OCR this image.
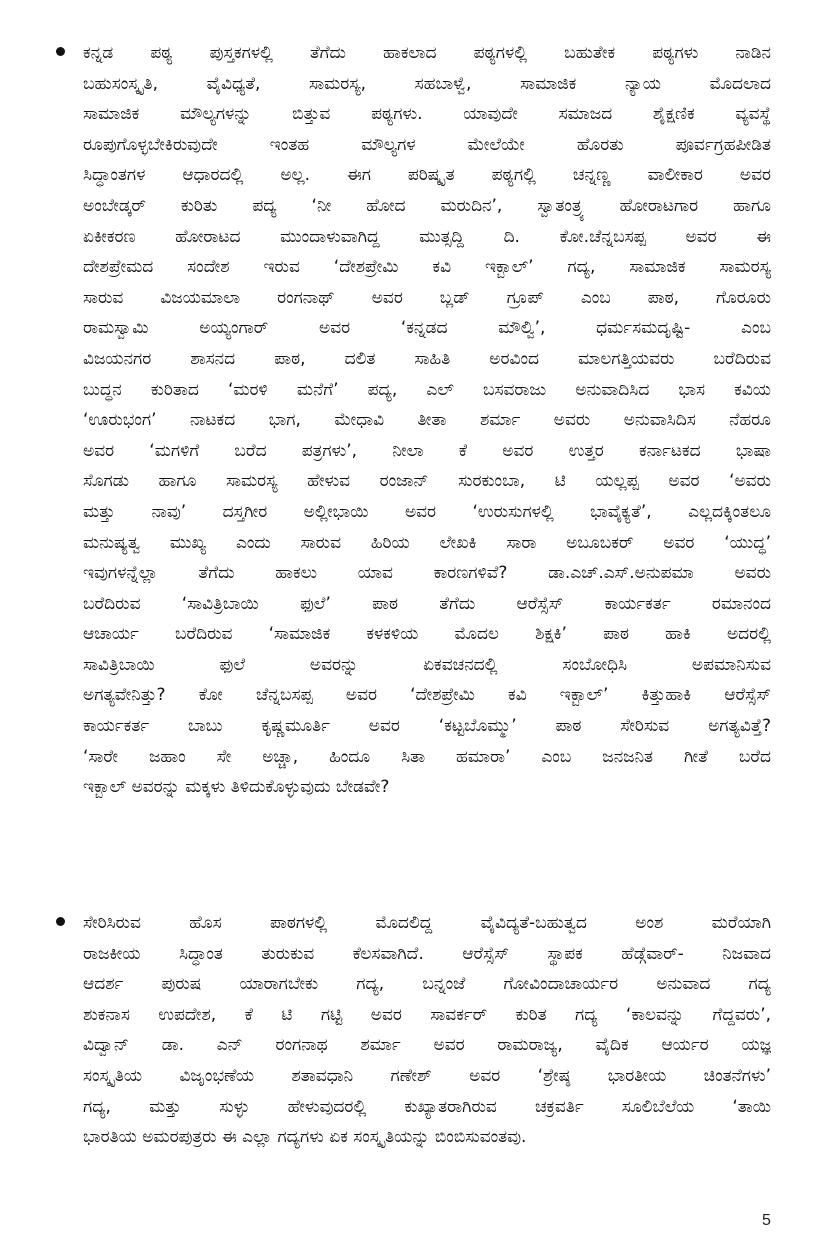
ಕನ್ನಡ ಪಠ್ಯ ಪುಸ್ತಕಗಳಲ್ಲಿ ತೆಗೆದು ಹಾಕಲಾದ ಪಠ್ಯಗಳಲ್ಲಿ ಬಹುತೇಕ ಪಠ್ಯಗಳು ನಾಡಿನ
ಬಹುಸಂಸ್ಕೃತಿ, ವೈವಿಧ್ಯತೆ, ಸಾಮರಸ್ಯ, ಸಹಬಾಳ್ವೆ, ಸಾಮಾಜಿಕ ನ್ಯಾಯ ಮೊದಲಾದ
ಸಾಮಾಜಿಕ ಮೌಲ್ಯಗಳನ್ನು ಬಿತ್ತುವ ಪಠ್ಯಗಳು. ಯಾವುದೇ ಸಮಾಜದ ಶೈಕ್ಷಣಿಕ ವ್ಯವಸ್ಥೆ
ರೂಪುಗೊಳ್ಳಬೇಕಿರುವುದೇ ಇಂತಹ ಮೌಲ್ಯಗಳ ಮೇಲೆಯೇ ಹೊರತು ಪೂರ್ವಗ್ರಹಪೀಡಿತ
ಸಿದ್ಧಾಂತಗಳ ಆಧಾರದಲ್ಲಿ ಅಲ್ಲ. ಈಗ ಪರಿಷ್ಕೃತ ಪಠ್ಯಗಲ್ಲಿ ಚನ್ನಣ್ಣ ವಾಲೀಕಾರ ಅವರ
ಅಂಬೇಡ್ಕರ್ ಕುರಿತು ಪದ್ಯ ‘ನೀ ಹೋದ ಮರುದಿನ’, ಸ್ವಾತಂತ್ರ್ಯ ಹೋರಾಟಗಾರ ಹಾಗೂ
ಏಕೀಕರಣ ಹೋರಾಟದ ಮುಂದಾಳುವಾಗಿದ್ದ ಮುತ್ಸದ್ದಿ ದಿ. ಕೋ.ಚೆನ್ನಬಸಪ್ಪ ಅವರ ಈ
ದೇಶಪ್ರೇಮದ ಸಂದೇಶ ಇರುವ ‘ದೇಶಪ್ರೇಮಿ ಕವಿ ಇಕ್ಬಾಲ್’ ಗದ್ಯ, ಸಾಮಾಜಿಕ ಸಾಮರಸ್ಯ
ಸಾರುವ ವಿಜಯಮಾಲಾ ರಂಗನಾಥ್ ಅವರ ಬ್ಲಡ್ ಗ್ರೂಪ್ ಎಂಬ ಪಾಠ, ಗೊರೂರು
ರಾಮಸ್ವಾಮಿ ಅಯ್ಯಂಗಾರ್ ಅವರ ‘ಕನ್ನಡದ ಮೌಲ್ವಿ’, ಧರ್ಮಸಮದೃಷ್ಟಿ- ಎಂಬ
ವಿಜಯನಗರ ಶಾಸನದ ಪಾಠ, ದಲಿತ ಸಾಹಿತಿ ಅರವಿಂದ ಮಾಲಗತ್ತಿಯವರು ಬರೆದಿರುವ
ಬುದ್ಧನ ಕುರಿತಾದ ‘ಮರಳಿ ಮನೆಗೆ’ ಪದ್ಯ, ಎಲ್ ಬಸವರಾಜು ಅನುವಾದಿಸಿದ ಭಾಸ ಕವಿಯ
‘ಊರುಭಂಗ’ ನಾಟಕದ ಭಾಗ, ಮೇಧಾವಿ ತೀತಾ ಶರ್ಮಾ ಅವರು ಅನುವಾಸಿದಿಸ ನೆಹರೂ
ಅವರ ‘ಮಗಳಿಗೆ ಬರೆದ ಪತ್ರಗಳು’, ನೀಲಾ ಕೆ ಅವರ ಉತ್ತರ ಕರ್ನಾಟಕದ ಭಾಷಾ
ಸೊಗಡು ಹಾಗೂ ಸಾಮರಸ್ಯ ಹೇಳುವ ರಂಜಾನ್ ಸುರಕುಂಬಾ, ಟಿ ಯಲ್ಲಪ್ಪ ಅವರ ‘ಅವರು
ಮತ್ತು ನಾವು’ ದಸ್ತಗೀರ ಅಲ್ಲೀಭಾಯಿ ಅವರ ‘ಉರುಸುಗಳಲ್ಲಿ ಭಾವೈಕ್ಯತೆ’, ಎಲ್ಲದಕ್ಕಿಂತಲೂ
ಮನುಷ್ಯತ್ವ ಮುಖ್ಯ ಎಂದು ಸಾರುವ ಹಿರಿಯ ಲೇಖಕಿ ಸಾರಾ ಅಬೂಬಕರ್ ಅವರ ‘ಯುದ್ಧ’
ಇವುಗಳನ್ನೆಲ್ಲಾ ತೆಗೆದು ಹಾಕಲು ಯಾವ ಕಾರಣಗಳಿವೆ? ಡಾ.ಎಚ್.ಎಸ್.ಅನುಪಮಾ ಅವರು
ಬರೆದಿರುವ ‘ಸಾವಿತ್ರಿಬಾಯಿ ಫುಲೆ’ ಪಾಠ ತೆಗೆದು ಆರೆಸ್ಸೆಸ್ ಕಾರ್ಯಕರ್ತ ರಮಾನಂದ
ಆಚಾರ್ಯ ಬರೆದಿರುವ ‘ಸಾಮಾಜಿಕ ಕಳಕಳಿಯ ಮೊದಲ ಶಿಕ್ಷಕಿ’ ಪಾಠ ಹಾಕಿ ಅದರಲ್ಲಿ
ಸಾವಿತ್ರಿಬಾಯಿ ಫುಲೆ ಅವರನ್ನು ಏಕವಚನದಲ್ಲಿ ಸಂಬೋಧಿಸಿ ಅಪಮಾನಿಸುವ
ಅಗತ್ಯವೇನಿತ್ತು? ಕೋ ಚೆನ್ನಬಸಪ್ಪ ಅವರ ‘ದೇಶಪ್ರೇಮಿ ಕವಿ ಇಕ್ಬಾಲ್’ ಕಿತ್ತುಹಾಕಿ ಆರೆಸ್ಸೆಸ್
ಕಾರ್ಯಕರ್ತ ಬಾಬು ಕೃಷ್ಣಮೂರ್ತಿ ಅವರ ‘ಕಟ್ಟಬೊಮ್ಮು’ ಪಾಠ ಸೇರಿಸುವ ಅಗತ್ಯವಿತ್ತೆ?
‘ಸಾರೇ ಜಹಾಂ ಸೇ ಅಚ್ಚಾ, ಹಿಂದೂ ಸಿತಾ ಹಮಾರಾ’ ಎಂಬ ಜನಜನಿತ ಗೀತೆ ಬರೆದ
ಇಕ್ಬಾಲ್ ಅವರನ್ನು ಮಕ್ಕಳು ತಿಳಿದುಕೊಳ್ಳುವುದು ಬೇಡವೇ?
ಸೇರಿಸಿರುವ ಹೊಸ ಪಾಠಗಳಲ್ಲಿ ಮೊದಲಿದ್ದ ವೈವಿದ್ಯತೆ-ಬಹುತ್ವದ ಅಂಶ ಮರೆಯಾಗಿ
ರಾಜಕೀಯ ಸಿದ್ಧಾಂತ ತುರುಕುವ ಕೆಲಸವಾಗಿದೆ. ಆರೆಸ್ಸೆಸ್ ಸ್ಥಾಪಕ ಹೆಡ್ಗೆವಾರ್- ನಿಜವಾದ
ಆದರ್ಶ ಪುರುಷ ಯಾರಾಗಬೇಕು ಗದ್ಯ, ಬನ್ನಂಜೆ ಗೋವಿಂದಾಚಾರ್ಯರ ಅನುವಾದ ಗದ್ಯ
ಶುಕನಾಸ ಉಪದೇಶ, ಕೆ ಟಿ ಗಟ್ಟಿ ಅವರ ಸಾವರ್ಕರ್ ಕುರಿತ ಗದ್ಯ ‘ಕಾಲವನ್ನು ಗೆದ್ದವರು’,
ವಿದ್ವಾನ್ ಡಾ. ಎನ್ ರಂಗನಾಥ ಶರ್ಮಾ ಅವರ ರಾಮರಾಜ್ಯ, ವೈದಿಕ ಆರ್ಯರ ಯಜ್ಞ
ಸಂಸ್ಕೃತಿಯ ವಿಜೃಂಭಣೆಯ ಶತಾವಧಾನಿ ಗಣೇಶ್ ಅವರ ‘ಶ್ರೇಷ್ಠ ಭಾರತೀಯ ಚಿಂತನೆಗಳು’
ಗದ್ಯ, ಮತ್ತು ಸುಳ್ಳು ಹೇಳುವುದರಲ್ಲಿ ಕುಖ್ಯಾತರಾಗಿರುವ ಚಕ್ರವರ್ತಿ ಸೂಲಿಬೆಲೆಯ ‘ತಾಯಿ
ಭಾರತಿಯ ಅಮರಪುತ್ರರು ಈ ಎಲ್ಲಾ ಗದ್ಯಗಳು ಏಕ ಸಂಸ್ಕೃತಿಯನ್ನು ಬಿಂಬಿಸುವಂತವು.
5
